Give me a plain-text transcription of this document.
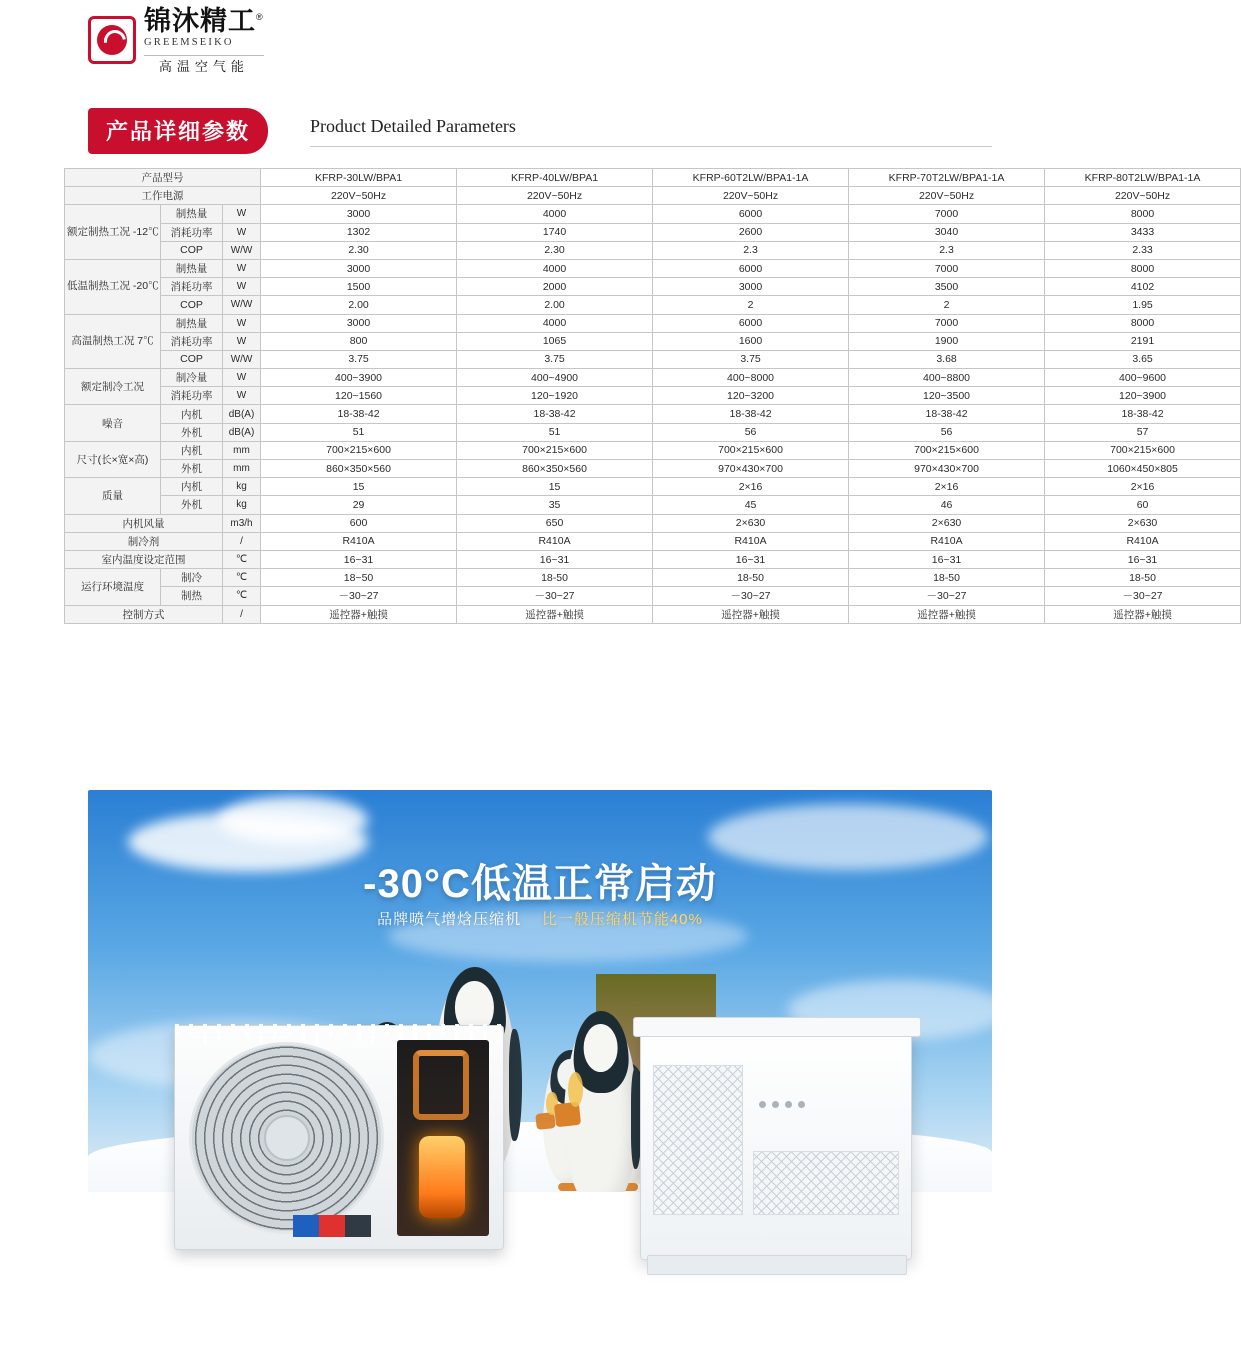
锦沐精工®
GREEMSEIKO
高温空气能
产品详细参数	Product Detailed Parameters
产品型号			KFRP-30LW/BPA1	KFRP-40LW/BPA1	KFRP-60T2LW/BPA1-1A	KFRP-70T2LW/BPA1-1A	KFRP-80T2LW/BPA1-1A
工作电源			220V~50Hz	220V~50Hz	220V~50Hz	220V~50Hz	220V~50Hz
额定制热工况 -12℃	制热量	W	3000	4000	6000	7000	8000
	消耗功率	W	1302	1740	2600	3040	3433
	COP	W/W	2.30	2.30	2.3	2.3	2.33
低温制热工况 -20℃	制热量	W	3000	4000	6000	7000	8000
	消耗功率	W	1500	2000	3000	3500	4102
	COP	W/W	2.00	2.00	2	2	1.95
高温制热工况 7℃	制热量	W	3000	4000	6000	7000	8000
	消耗功率	W	800	1065	1600	1900	2191
	COP	W/W	3.75	3.75	3.75	3.68	3.65
额定制冷工况	制冷量	W	400~3900	400~4900	400~8000	400~8800	400~9600
	消耗功率	W	120~1560	120~1920	120~3200	120~3500	120~3900
噪音	内机	dB(A)	18-38-42	18-38-42	18-38-42	18-38-42	18-38-42
	外机	dB(A)	51	51	56	56	57
尺寸(长×宽×高)	内机	mm	700×215×600	700×215×600	700×215×600	700×215×600	700×215×600
	外机	mm	860×350×560	860×350×560	970×430×700	970×430×700	1060×450×805
质量	内机	kg	15	15	2×16	2×16	2×16
	外机	kg	29	35	45	46	60
内机风量		m3/h	600	650	2×630	2×630	2×630
制冷剂		/	R410A	R410A	R410A	R410A	R410A
室内温度设定范围		℃	16~31	16~31	16~31	16~31	16~31
运行环境温度	制冷	℃	18~50	18-50	18-50	18-50	18-50
	制热	℃	－30~27	－30~27	－30~27	－30~27	－30~27
控制方式		/	遥控器+触摸	遥控器+触摸	遥控器+触摸	遥控器+触摸	遥控器+触摸
-30°C低温正常启动
品牌喷气增焓压缩机 比一般压缩机节能40%
